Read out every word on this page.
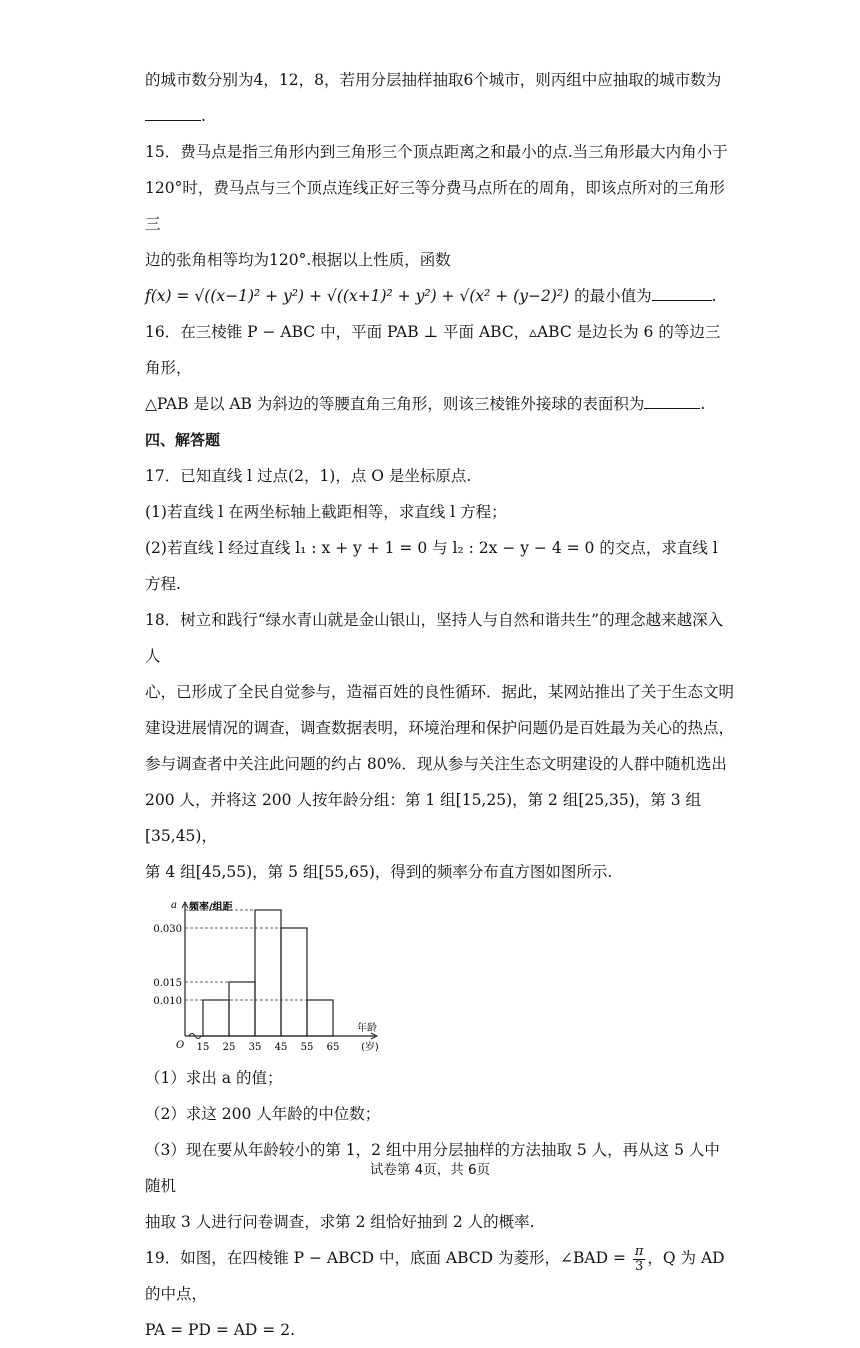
的城市数分别为4，12，8，若用分层抽样抽取6个城市，则丙组中应抽取的城市数为

.

15．费马点是指三角形内到三角形三个顶点距离之和最小的点.当三角形最大内角小于

120°时，费马点与三个顶点连线正好三等分费马点所在的周角，即该点所对的三角形三

边的张角相等均为120°.根据以上性质，函数

f(x) = √((x−1)² + y²) + √((x+1)² + y²) + √(x² + (y−2)²) 的最小值为	.

16．在三棱锥 P − ABC 中，平面 PAB ⊥ 平面 ABC，▵ABC 是边长为 6 的等边三角形，

△PAB 是以 AB 为斜边的等腰直角三角形，则该三棱锥外接球的表面积为	.

四、解答题

17．已知直线 l 过点(2，1)，点 O 是坐标原点.

(1)若直线 l 在两坐标轴上截距相等，求直线 l 方程；

(2)若直线 l 经过直线 l₁ : x + y + 1 = 0 与 l₂ : 2x − y − 4 = 0 的交点，求直线 l 方程.

18．树立和践行“绿水青山就是金山银山，坚持人与自然和谐共生”的理念越来越深入人

心，已形成了全民自觉参与，造福百姓的良性循环．据此，某网站推出了关于生态文明

建设进展情况的调查，调查数据表明，环境治理和保护问题仍是百姓最为关心的热点，

参与调查者中关注此问题的约占 80%．现从参与关注生态文明建设的人群中随机选出

200 人，并将这 200 人按年龄分组：第 1 组[15,25)，第 2 组[25,35)，第 3 组[35,45)，

第 4 组[45,55)，第 5 组[55,65)，得到的频率分布直方图如图所示.

0.010
0.015
0.030
a 频率/组距
15 25 35 45 55 65 (岁)
年龄
O

（1）求出 a 的值；

（2）求这 200 人年龄的中位数；

（3）现在要从年龄较小的第 1，2 组中用分层抽样的方法抽取 5 人，再从这 5 人中随机

抽取 3 人进行问卷调查，求第 2 组恰好抽到 2 人的概率.

19．如图，在四棱锥 P − ABCD 中，底面 ABCD 为菱形，∠BAD = $\frac{\pi}{3}$ ，Q 为 AD 的中点，

PA = PD = AD = 2.

试卷第 4页，共 6页
